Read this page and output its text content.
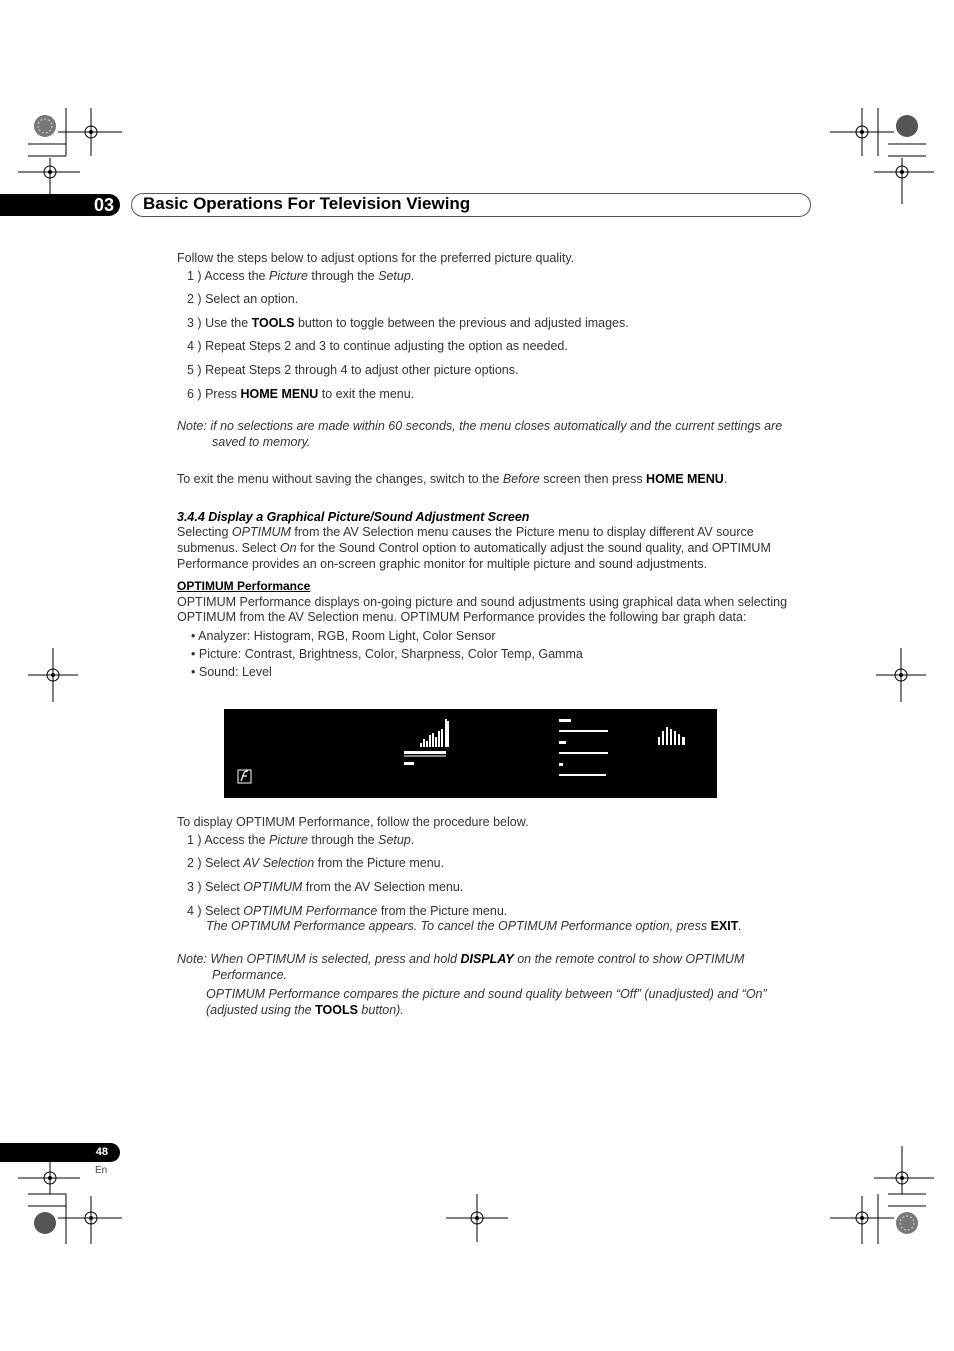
03	Basic Operations For Television Viewing
Follow the steps below to adjust options for the preferred picture quality.
1 ) Access the Picture through the Setup.
2 ) Select an option.
3 ) Use the TOOLS button to toggle between the previous and adjusted images.
4 ) Repeat Steps 2 and 3 to continue adjusting the option as needed.
5 ) Repeat Steps 2 through 4 to adjust other picture options.
6 ) Press HOME MENU to exit the menu.
Note: if no selections are made within 60 seconds, the menu closes automatically and the current settings are
saved to memory.
To exit the menu without saving the changes, switch to the Before screen then press HOME MENU.
3.4.4 Display a Graphical Picture/Sound Adjustment Screen
Selecting OPTIMUM from the AV Selection menu causes the Picture menu to display different AV source
submenus. Select On for the Sound Control option to automatically adjust the sound quality, and OPTIMUM
Performance provides an on-screen graphic monitor for multiple picture and sound adjustments.
OPTIMUM Performance
OPTIMUM Performance displays on-going picture and sound adjustments using graphical data when selecting
OPTIMUM from the AV Selection menu. OPTIMUM Performance provides the following bar graph data:
• Analyzer: Histogram, RGB, Room Light, Color Sensor
• Picture: Contrast, Brightness, Color, Sharpness, Color Temp, Gamma
• Sound: Level
To display OPTIMUM Performance, follow the procedure below.
1 ) Access the Picture through the Setup.
2 ) Select AV Selection from the Picture menu.
3 ) Select OPTIMUM from the AV Selection menu.
4 ) Select OPTIMUM Performance from the Picture menu.
The OPTIMUM Performance appears. To cancel the OPTIMUM Performance option, press EXIT.
Note: When OPTIMUM is selected, press and hold DISPLAY on the remote control to show OPTIMUM
Performance.
OPTIMUM Performance compares the picture and sound quality between “Off” (unadjusted) and “On”
(adjusted using the TOOLS button).
48
En
